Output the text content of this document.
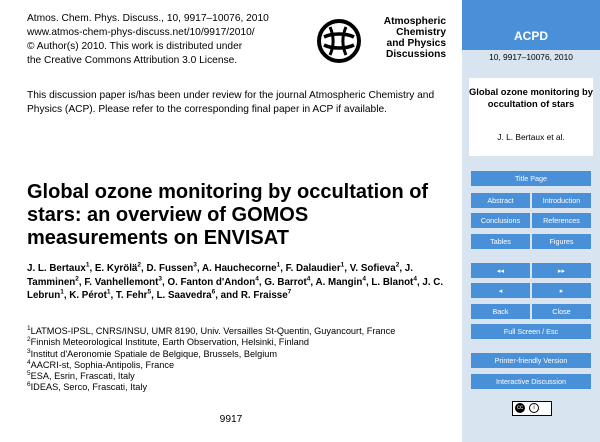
Atmos. Chem. Phys. Discuss., 10, 9917–10076, 2010
www.atmos-chem-phys-discuss.net/10/9917/2010/
© Author(s) 2010. This work is distributed under
the Creative Commons Attribution 3.0 License.
Atmospheric
Chemistry
and Physics
Discussions
This discussion paper is/has been under review for the journal Atmospheric Chemistry and Physics (ACP). Please refer to the corresponding final paper in ACP if available.
Global ozone monitoring by occultation of stars: an overview of GOMOS measurements on ENVISAT
J. L. Bertaux$^1$, E. Kyrölä$^2$, D. Fussen$^3$, A. Hauchecorne$^1$, F. Dalaudier$^1$, V. Sofieva$^2$, J. Tamminen$^2$, F. Vanhellemont$^3$, O. Fanton d'Andon$^4$, G. Barrot$^4$, A. Mangin$^4$, L. Blanot$^4$, J. C. Lebrun$^1$, K. Pérot$^1$, T. Fehr$^5$, L. Saavedra$^6$, and R. Fraisse$^7$
$^1$LATMOS-IPSL, CNRS/INSU, UMR 8190, Univ. Versailles St-Quentin, Guyancourt, France
$^2$Finnish Meteorological Institute, Earth Observation, Helsinki, Finland
$^3$Institut d'Aeronomie Spatiale de Belgique, Brussels, Belgium
$^4$AACRI-st, Sophia-Antipolis, France
$^5$ESA, Esrin, Frascati, Italy
$^6$IDEAS, Serco, Frascati, Italy
9917
ACPD
10, 9917–10076, 2010
Global ozone monitoring by occultation of stars
J. L. Bertaux et al.
Title Page
Abstract	Introduction
Conclusions	References
Tables	Figures
◂◂	▸▸
◂	▸
Back	Close
Full Screen / Esc
Printer-friendly Version
Interactive Discussion
cc	i
